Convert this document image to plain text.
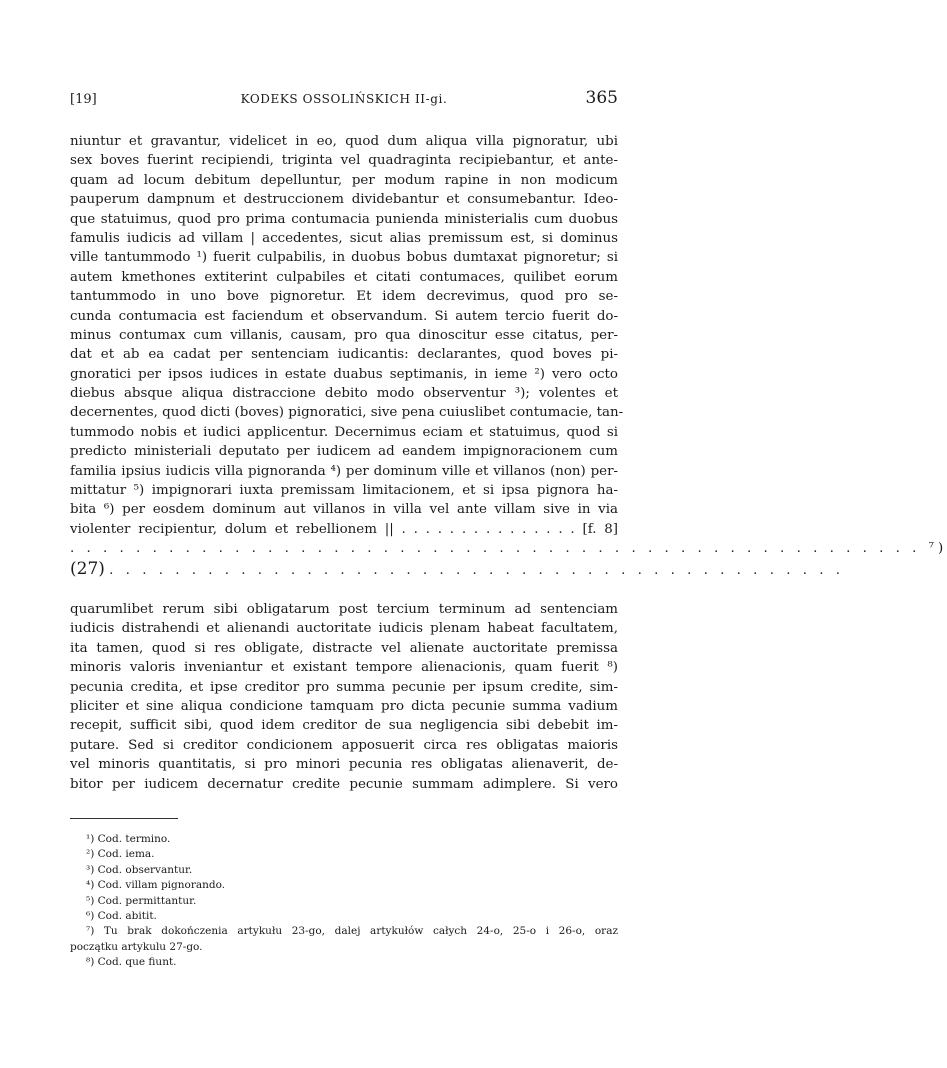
[19]	KODEKS OSSOLIŃSKICH II-gi.	365
niuntur et gravantur, videlicet in eo, quod dum aliqua villa pignoratur, ubi
sex boves fuerint recipiendi, triginta vel quadraginta recipiebantur, et ante-
quam ad locum debitum depelluntur, per modum rapine in non modicum
pauperum dampnum et destruccionem dividebantur et consumebantur. Ideo-
que statuimus, quod pro prima contumacia punienda ministerialis cum duobus
famulis iudicis ad villam | accedentes, sicut alias premissum est, si dominus
ville tantummodo ¹) fuerit culpabilis, in duobus bobus dumtaxat pignoretur; si
autem kmethones extiterint culpabiles et citati contumaces, quilibet eorum
tantummodo in uno bove pignoretur. Et idem decrevimus, quod pro se-
cunda contumacia est faciendum et observandum. Si autem tercio fuerit do-
minus contumax cum villanis, causam, pro qua dinoscitur esse citatus, per-
dat et ab ea cadat per sentenciam iudicantis: declarantes, quod boves pi-
gnoratici per ipsos iudices in estate duabus septimanis, in ieme ²) vero octo
diebus absque aliqua distraccione debito modo observentur ³); volentes et
decernentes, quod dicti (boves) pignoratici, sive pena cuiuslibet contumacie, tan-
tummodo nobis et iudici applicentur. Decernimus eciam et statuimus, quod si
predicto ministeriali deputato per iudicem ad eandem impignoracionem cum
familia ipsius iudicis villa pignoranda ⁴) per dominum ville et villanos (non) per-
mittatur ⁵) impignorari iuxta premissam limitacionem, et si ipsa pignora ha-
bita ⁶) per eosdem dominum aut villanos in villa vel ante villam sive in via
violenter recipientur, dolum et rebellionem || . . . . . . . . . . . . . . . [f. 8]
. . . . . . . . . . . . . . . . . . . . . . . . . . . . . . . . . . . . . . . . . . . . . . . . . . . . ⁷)
(27) . . . . . . . . . . . . . . . . . . . . . . . . . . . . . . . . . . . . . . . . . . . . .
quarumlibet rerum sibi obligatarum post tercium terminum ad sentenciam
iudicis distrahendi et alienandi auctoritate iudicis plenam habeat facultatem,
ita tamen, quod si res obligate, distracte vel alienate auctoritate premissa
minoris valoris inveniantur et existant tempore alienacionis, quam fuerit ⁸)
pecunia credita, et ipse creditor pro summa pecunie per ipsum credite, sim-
pliciter et sine aliqua condicione tamquam pro dicta pecunie summa vadium
recepit, sufficit sibi, quod idem creditor de sua negligencia sibi debebit im-
putare. Sed si creditor condicionem apposuerit circa res obligatas maioris
vel minoris quantitatis, si pro minori pecunia res obligatas alienaverit, de-
bitor per iudicem decernatur credite pecunie summam adimplere. Si vero
¹) Cod. termino.
²) Cod. iema.
³) Cod. observantur.
⁴) Cod. villam pignorando.
⁵) Cod. permittantur.
⁶) Cod. abitit.
⁷) Tu brak dokończenia artykułu 23-go, dalej artykułów całych 24-o, 25-o i 26-o, oraz
początku artykulu 27-go.
⁸) Cod. que fiunt.
